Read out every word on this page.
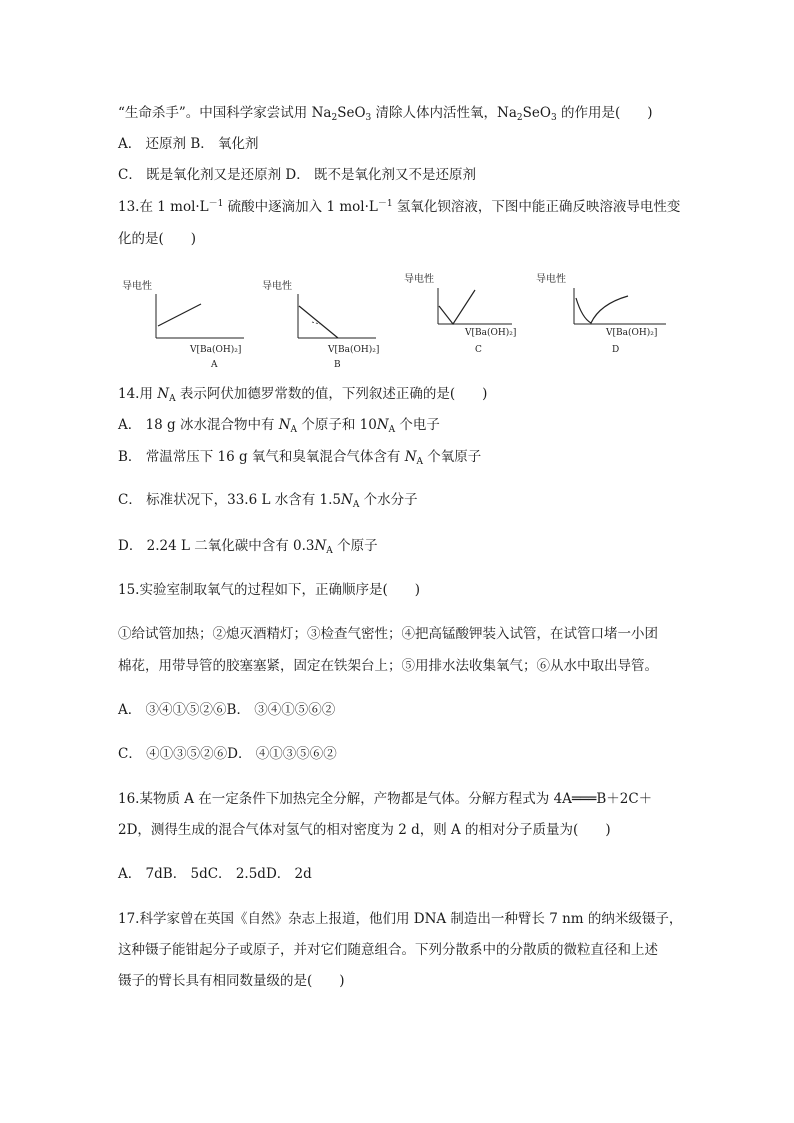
“生命杀手”。中国科学家尝试用 $Na_2SeO_3$ 清除人体内活性氧，$Na_2SeO_3$ 的作用是(　　)
A． 还原剂 B． 氧化剂
C． 既是氧化剂又是还原剂 D． 既不是氧化剂又不是还原剂
13.在 1 $mol\cdot L^{-1}$ 硫酸中逐滴加入 1 $mol\cdot L^{-1}$ 氢氧化钡溶液，下图中能正确反映溶液导电性变
化的是(　　)
导电性
V[Ba(OH)₂]
A
导电性
V[Ba(OH)₂]
B
导电性
V[Ba(OH)₂]
C
导电性
V[Ba(OH)₂]
D
14.用 $N_A$ 表示阿伏加德罗常数的值，下列叙述正确的是(　　)
A． 18 g 冰水混合物中有 $N_A$ 个原子和 $10N_A$ 个电子
B． 常温常压下 16 g 氧气和臭氧混合气体含有 $N_A$ 个氧原子
C． 标准状况下，33.6 L 水含有 $1.5N_A$ 个水分子
D． 2.24 L 二氧化碳中含有 $0.3N_A$ 个原子
15.实验室制取氧气的过程如下，正确顺序是(　　)
①给试管加热；②熄灭酒精灯；③检查气密性；④把高锰酸钾装入试管，在试管口堵一小团
棉花，用带导管的胶塞塞紧，固定在铁架台上；⑤用排水法收集氧气；⑥从水中取出导管。
A． ③④①⑤②⑥B． ③④①⑤⑥②
C． ④①③⑤②⑥D． ④①③⑤⑥②
16.某物质 A 在一定条件下加热完全分解，产物都是气体。分解方程式为 4A═══B＋2C＋
2D，测得生成的混合气体对氢气的相对密度为 2 d，则 A 的相对分子质量为(　　)
A． 7dB． 5dC． 2.5dD． 2d
17.科学家曾在英国《自然》杂志上报道，他们用 DNA 制造出一种臂长 7 nm 的纳米级镊子，
这种镊子能钳起分子或原子，并对它们随意组合。下列分散系中的分散质的微粒直径和上述
镊子的臂长具有相同数量级的是(　　)
